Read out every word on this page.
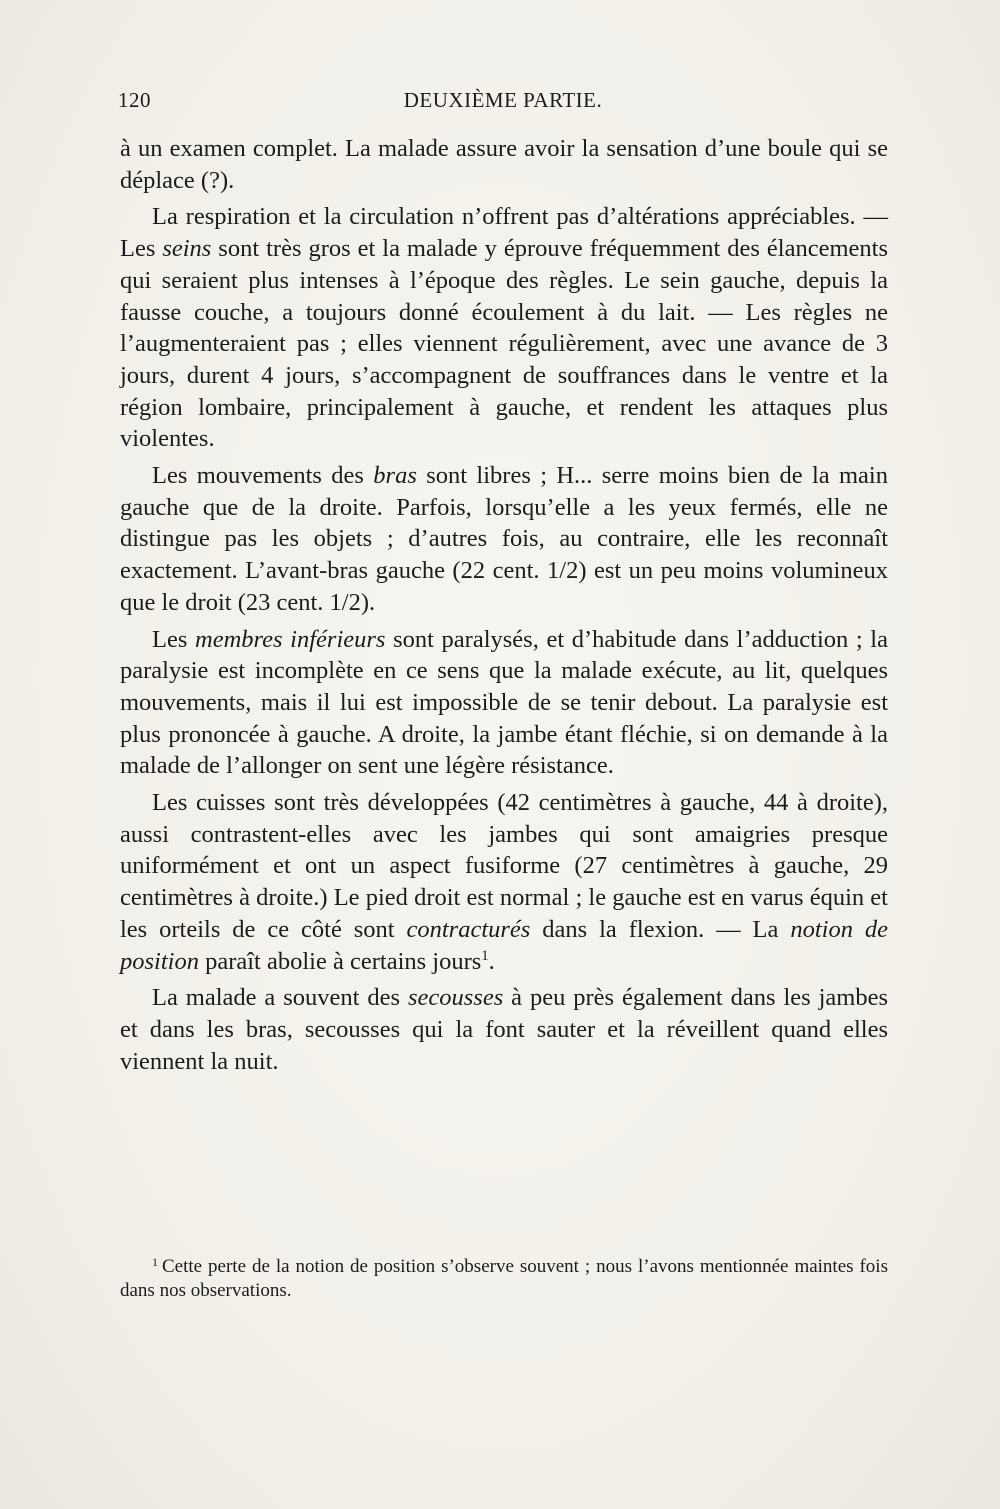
120	DEUXIÈME PARTIE.

à un examen complet. La malade assure avoir la sensation d’une boule qui se déplace (?).

La respiration et la circulation n’offrent pas d’altérations appréciables. — Les seins sont très gros et la malade y éprouve fréquemment des élancements qui seraient plus intenses à l’époque des règles. Le sein gauche, depuis la fausse couche, a toujours donné écoulement à du lait. — Les règles ne l’augmenteraient pas ; elles viennent régulièrement, avec une avance de 3 jours, durent 4 jours, s’accompagnent de souffrances dans le ventre et la région lombaire, principalement à gauche, et rendent les attaques plus violentes.

Les mouvements des bras sont libres ; H... serre moins bien de la main gauche que de la droite. Parfois, lorsqu’elle a les yeux fermés, elle ne distingue pas les objets ; d’autres fois, au contraire, elle les reconnaît exactement. L’avant-bras gauche (22 cent. 1/2) est un peu moins volumineux que le droit (23 cent. 1/2).

Les membres inférieurs sont paralysés, et d’habitude dans l’adduction ; la paralysie est incomplète en ce sens que la malade exécute, au lit, quelques mouvements, mais il lui est impossible de se tenir debout. La paralysie est plus prononcée à gauche. A droite, la jambe étant fléchie, si on demande à la malade de l’allonger on sent une légère résistance.

Les cuisses sont très développées (42 centimètres à gauche, 44 à droite), aussi contrastent-elles avec les jambes qui sont amaigries presque uniformément et ont un aspect fusiforme (27 centimètres à gauche, 29 centimètres à droite.) Le pied droit est normal ; le gauche est en varus équin et les orteils de ce côté sont contracturés dans la flexion. — La notion de position paraît abolie à certains jours$^1$.

La malade a souvent des secousses à peu près également dans les jambes et dans les bras, secousses qui la font sauter et la réveillent quand elles viennent la nuit.

$^1$ Cette perte de la notion de position s’observe souvent ; nous l’avons mentionnée maintes fois dans nos observations.
